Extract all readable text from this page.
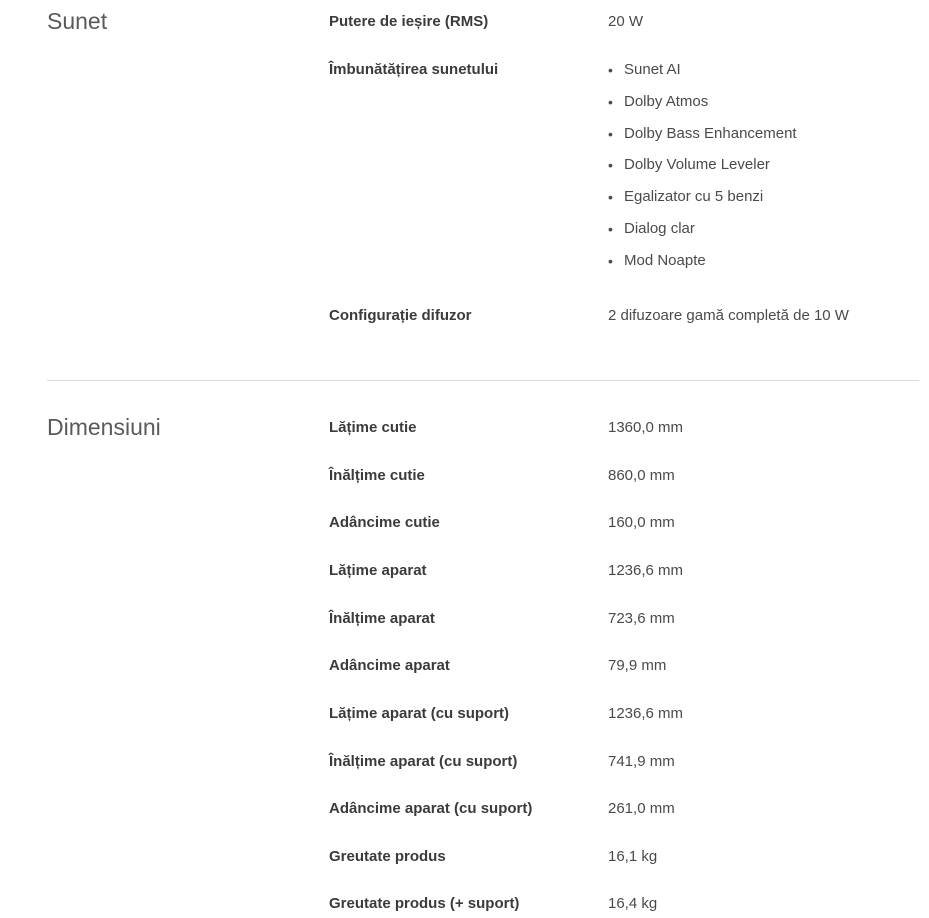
Sunet	Putere de ieșire (RMS)	20 W
Îmbunătățirea sunetului	• Sunet AI
• Dolby Atmos
• Dolby Bass Enhancement
• Dolby Volume Leveler
• Egalizator cu 5 benzi
• Dialog clar
• Mod Noapte
Configurație difuzor	2 difuzoare gamă completă de 10 W
Dimensiuni	Lățime cutie	1360,0 mm
Înălțime cutie	860,0 mm
Adâncime cutie	160,0 mm
Lățime aparat	1236,6 mm
Înălțime aparat	723,6 mm
Adâncime aparat	79,9 mm
Lățime aparat (cu suport)	1236,6 mm
Înălțime aparat (cu suport)	741,9 mm
Adâncime aparat (cu suport)	261,0 mm
Greutate produs	16,1 kg
Greutate produs (+ suport)	16,4 kg
